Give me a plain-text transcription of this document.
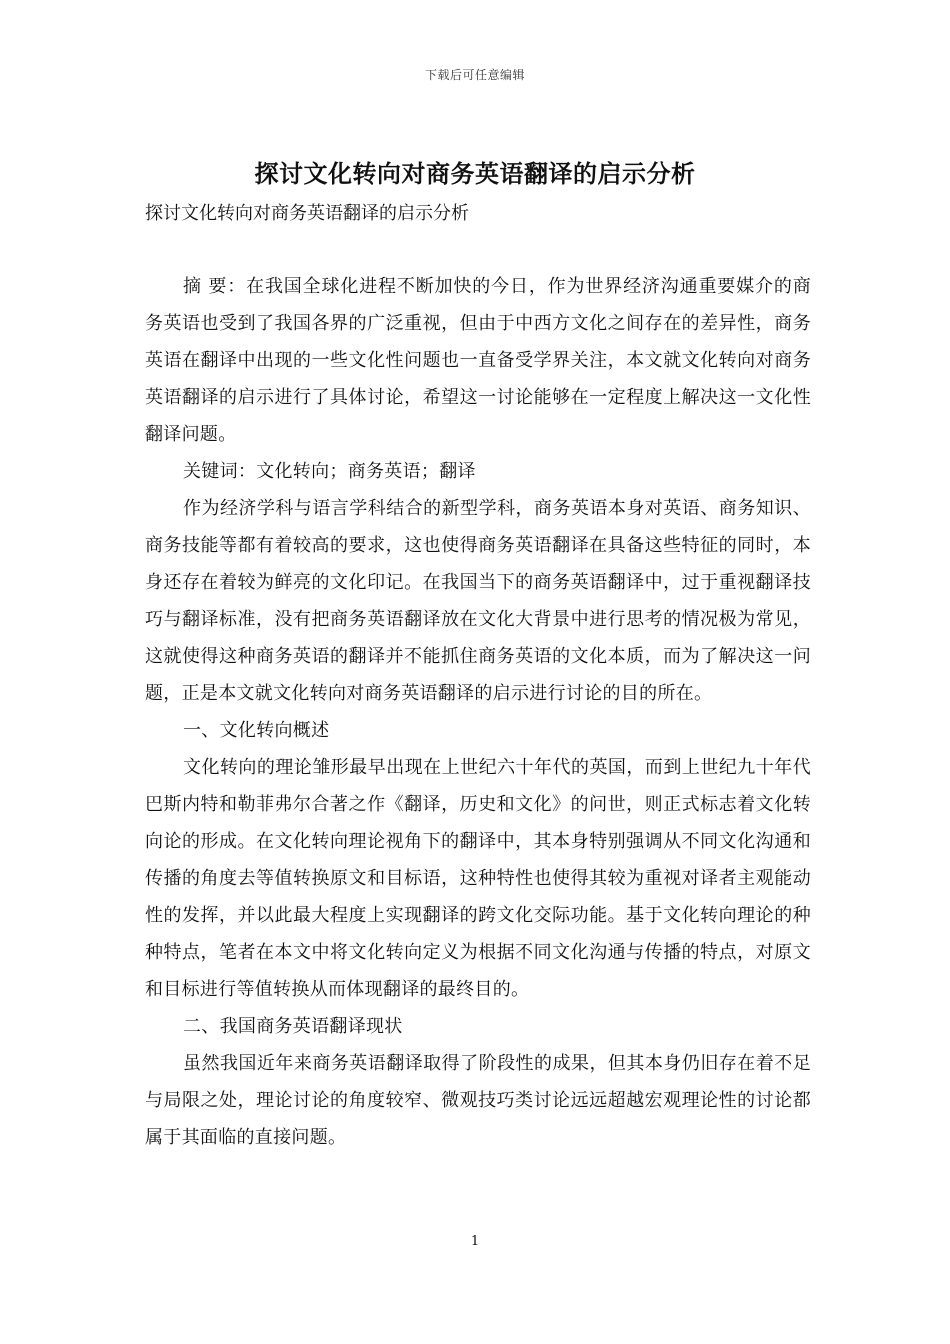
下载后可任意编辑
探讨文化转向对商务英语翻译的启示分析
探讨文化转向对商务英语翻译的启示分析

摘 要：在我国全球化进程不断加快的今日，作为世界经济沟通重要媒介的商务英语也受到了我国各界的广泛重视，但由于中西方文化之间存在的差异性，商务英语在翻译中出现的一些文化性问题也一直备受学界关注，本文就文化转向对商务英语翻译的启示进行了具体讨论，希望这一讨论能够在一定程度上解决这一文化性翻译问题。

关键词：文化转向；商务英语；翻译

作为经济学科与语言学科结合的新型学科，商务英语本身对英语、商务知识、商务技能等都有着较高的要求，这也使得商务英语翻译在具备这些特征的同时，本身还存在着较为鲜亮的文化印记。在我国当下的商务英语翻译中，过于重视翻译技巧与翻译标准，没有把商务英语翻译放在文化大背景中进行思考的情况极为常见，这就使得这种商务英语的翻译并不能抓住商务英语的文化本质，而为了解决这一问题，正是本文就文化转向对商务英语翻译的启示进行讨论的目的所在。

一、文化转向概述

文化转向的理论雏形最早出现在上世纪六十年代的英国，而到上世纪九十年代巴斯内特和勒菲弗尔合著之作《翻译，历史和文化》的问世，则正式标志着文化转向论的形成。在文化转向理论视角下的翻译中，其本身特别强调从不同文化沟通和传播的角度去等值转换原文和目标语，这种特性也使得其较为重视对译者主观能动性的发挥，并以此最大程度上实现翻译的跨文化交际功能。基于文化转向理论的种种特点，笔者在本文中将文化转向定义为根据不同文化沟通与传播的特点，对原文和目标进行等值转换从而体现翻译的最终目的。

二、我国商务英语翻译现状

虽然我国近年来商务英语翻译取得了阶段性的成果，但其本身仍旧存在着不足与局限之处，理论讨论的角度较窄、微观技巧类讨论远远超越宏观理论性的讨论都属于其面临的直接问题。

1
